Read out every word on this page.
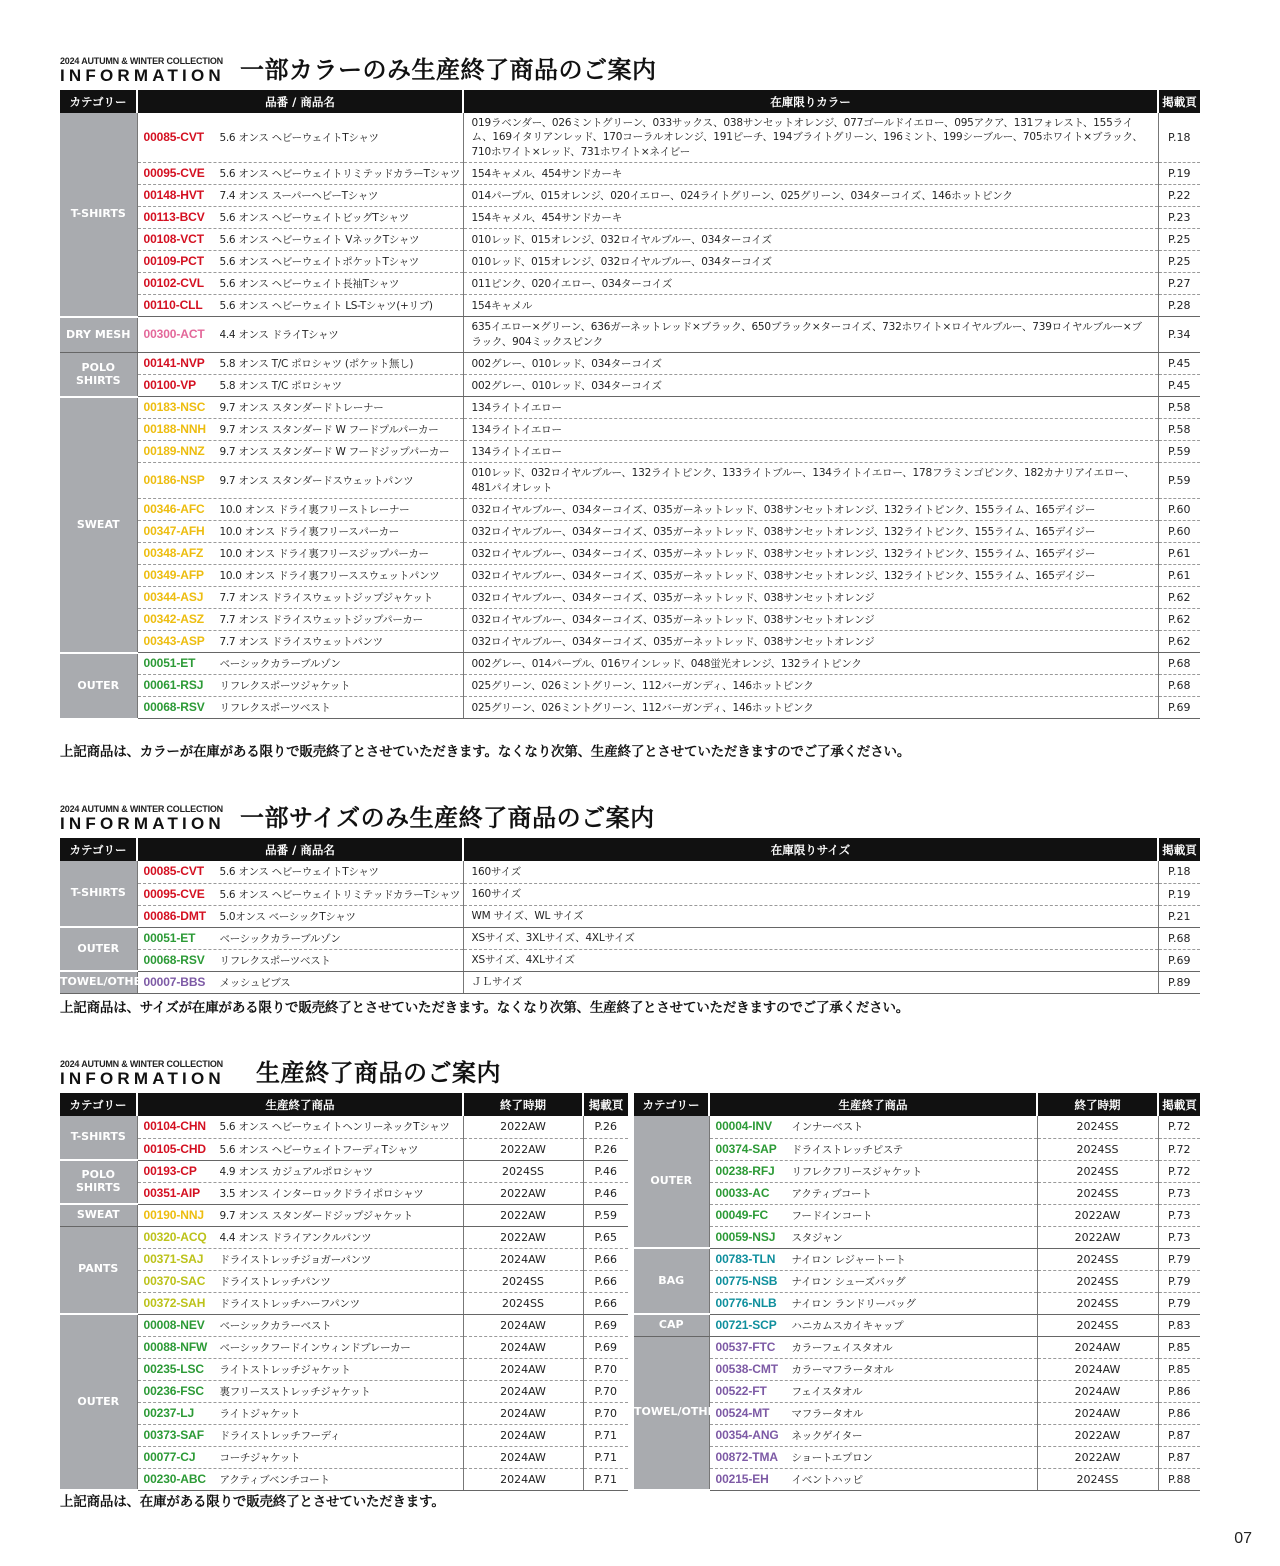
2024 AUTUMN & WINTER COLLECTION
INFORMATION 一部カラーのみ生産終了商品のご案内
カテゴリー	品番 / 商品名	在庫限りカラー	掲載頁
T-SHIRTS	00085-CVT 5.6 オンス ヘビーウェイトTシャツ	019ラベンダー、026ミントグリーン、033サックス、038サンセットオレンジ、077ゴールドイエロー、095アクア、131フォレスト、155ライム、169イタリアンレッド、170コーラルオレンジ、191ピーチ、194ブライトグリーン、196ミント、199シーブルー、705ホワイト×ブラック、710ホワイト×レッド、731ホワイト×ネイビー	P.18
	00095-CVE 5.6 オンス ヘビーウェイトリミテッドカラーTシャツ	154キャメル、454サンドカーキ	P.19
	00148-HVT 7.4 オンス スーパーヘビーTシャツ	014パープル、015オレンジ、020イエロー、024ライトグリーン、025グリーン、034ターコイズ、146ホットピンク	P.22
	00113-BCV 5.6 オンス ヘビーウェイトビッグTシャツ	154キャメル、454サンドカーキ	P.23
	00108-VCT 5.6 オンス ヘビーウェイト VネックTシャツ	010レッド、015オレンジ、032ロイヤルブルー、034ターコイズ	P.25
	00109-PCT 5.6 オンス ヘビーウェイトポケットTシャツ	010レッド、015オレンジ、032ロイヤルブルー、034ターコイズ	P.25
	00102-CVL 5.6 オンス ヘビーウェイト長袖Tシャツ	011ピンク、020イエロー、034ターコイズ	P.27
	00110-CLL 5.6 オンス ヘビーウェイト LS-Tシャツ(+リブ)	154キャメル	P.28
DRY MESH	00300-ACT 4.4 オンス ドライTシャツ	635イエロー×グリーン、636ガーネットレッド×ブラック、650ブラック×ターコイズ、732ホワイト×ロイヤルブルー、739ロイヤルブルー×ブラック、904ミックスピンク	P.34
POLO SHIRTS	00141-NVP 5.8 オンス T/C ポロシャツ (ポケット無し)	002グレー、010レッド、034ターコイズ	P.45
	00100-VP 5.8 オンス T/C ポロシャツ	002グレー、010レッド、034ターコイズ	P.45
SWEAT	00183-NSC 9.7 オンス スタンダードトレーナー	134ライトイエロー	P.58
	00188-NNH 9.7 オンス スタンダード W フードプルパーカー	134ライトイエロー	P.58
	00189-NNZ 9.7 オンス スタンダード W フードジップパーカー	134ライトイエロー	P.59
	00186-NSP 9.7 オンス スタンダードスウェットパンツ	010レッド、032ロイヤルブルー、132ライトピンク、133ライトブルー、134ライトイエロー、178フラミンゴピンク、182カナリアイエロー、481パイオレット	P.59
	00346-AFC 10.0 オンス ドライ裏フリーストレーナー	032ロイヤルブルー、034ターコイズ、035ガーネットレッド、038サンセットオレンジ、132ライトピンク、155ライム、165デイジー	P.60
	00347-AFH 10.0 オンス ドライ裏フリースパーカー	032ロイヤルブルー、034ターコイズ、035ガーネットレッド、038サンセットオレンジ、132ライトピンク、155ライム、165デイジー	P.60
	00348-AFZ 10.0 オンス ドライ裏フリースジップパーカー	032ロイヤルブルー、034ターコイズ、035ガーネットレッド、038サンセットオレンジ、132ライトピンク、155ライム、165デイジー	P.61
	00349-AFP 10.0 オンス ドライ裏フリーススウェットパンツ	032ロイヤルブルー、034ターコイズ、035ガーネットレッド、038サンセットオレンジ、132ライトピンク、155ライム、165デイジー	P.61
	00344-ASJ 7.7 オンス ドライスウェットジップジャケット	032ロイヤルブルー、034ターコイズ、035ガーネットレッド、038サンセットオレンジ	P.62
	00342-ASZ 7.7 オンス ドライスウェットジップパーカー	032ロイヤルブルー、034ターコイズ、035ガーネットレッド、038サンセットオレンジ	P.62
	00343-ASP 7.7 オンス ドライスウェットパンツ	032ロイヤルブルー、034ターコイズ、035ガーネットレッド、038サンセットオレンジ	P.62
OUTER	00051-ET ベーシックカラーブルゾン	002グレー、014パープル、016ワインレッド、048蛍光オレンジ、132ライトピンク	P.68
	00061-RSJ リフレクスポーツジャケット	025グリーン、026ミントグリーン、112バーガンディ、146ホットピンク	P.68
	00068-RSV リフレクスポーツベスト	025グリーン、026ミントグリーン、112バーガンディ、146ホットピンク	P.69
上記商品は、カラーが在庫がある限りで販売終了とさせていただきます。なくなり次第、生産終了とさせていただきますのでご了承ください。
2024 AUTUMN & WINTER COLLECTION
INFORMATION 一部サイズのみ生産終了商品のご案内
カテゴリー	品番 / 商品名	在庫限りサイズ	掲載頁
T-SHIRTS	00085-CVT 5.6 オンス ヘビーウェイトTシャツ	160サイズ	P.18
	00095-CVE 5.6 オンス ヘビーウェイトリミテッドカラーTシャツ	160サイズ	P.19
	00086-DMT 5.0オンス ベーシックTシャツ	WM サイズ、WL サイズ	P.21
OUTER	00051-ET ベーシックカラーブルゾン	XSサイズ、3XLサイズ、4XLサイズ	P.68
	00068-RSV リフレクスポーツベスト	XSサイズ、4XLサイズ	P.69
TOWEL/OTHER	00007-BBS メッシュビブス	ＪＬサイズ	P.89
上記商品は、サイズが在庫がある限りで販売終了とさせていただきます。なくなり次第、生産終了とさせていただきますのでご了承ください。
2024 AUTUMN & WINTER COLLECTION
INFORMATION 生産終了商品のご案内
カテゴリー	生産終了商品	終了時期	掲載頁
T-SHIRTS	00104-CHN 5.6 オンス ヘビーウェイトヘンリーネックTシャツ	2022AW	P.26
	00105-CHD 5.6 オンス ヘビーウェイトフーディTシャツ	2022AW	P.26
POLO SHIRTS	00193-CP 4.9 オンス カジュアルポロシャツ	2024SS	P.46
	00351-AIP 3.5 オンス インターロックドライポロシャツ	2022AW	P.46
SWEAT	00190-NNJ 9.7 オンス スタンダードジップジャケット	2022AW	P.59
PANTS	00320-ACQ 4.4 オンス ドライアンクルパンツ	2022AW	P.65
	00371-SAJ ドライストレッチジョガーパンツ	2024AW	P.66
	00370-SAC ドライストレッチパンツ	2024SS	P.66
	00372-SAH ドライストレッチハーフパンツ	2024SS	P.66
OUTER	00008-NEV ベーシックカラーベスト	2024AW	P.69
	00088-NFW ベーシックフードインウィンドブレーカー	2024AW	P.69
	00235-LSC ライトストレッチジャケット	2024AW	P.70
	00236-FSC 裏フリースストレッチジャケット	2024AW	P.70
	00237-LJ ライトジャケット	2024AW	P.70
	00373-SAF ドライストレッチフーディ	2024AW	P.71
	00077-CJ コーチジャケット	2024AW	P.71
	00230-ABC アクティブベンチコート	2024AW	P.71
カテゴリー	生産終了商品	終了時期	掲載頁
OUTER	00004-INV インナーベスト	2024SS	P.72
	00374-SAP ドライストレッチピステ	2024SS	P.72
	00238-RFJ リフレクフリースジャケット	2024SS	P.72
	00033-AC アクティブコート	2024SS	P.73
	00049-FC フードインコート	2022AW	P.73
	00059-NSJ スタジャン	2022AW	P.73
BAG	00783-TLN ナイロン レジャートート	2024SS	P.79
	00775-NSB ナイロン シューズバッグ	2024SS	P.79
	00776-NLB ナイロン ランドリーバッグ	2024SS	P.79
CAP	00721-SCP ハニカムスカイキャップ	2024SS	P.83
TOWEL/OTHER	00537-FTC カラーフェイスタオル	2024AW	P.85
	00538-CMT カラーマフラータオル	2024AW	P.85
	00522-FT フェイスタオル	2024AW	P.86
	00524-MT マフラータオル	2024AW	P.86
	00354-ANG ネックゲイター	2022AW	P.87
	00872-TMA ショートエプロン	2022AW	P.87
	00215-EH イベントハッピ	2024SS	P.88
上記商品は、在庫がある限りで販売終了とさせていただきます。
07
